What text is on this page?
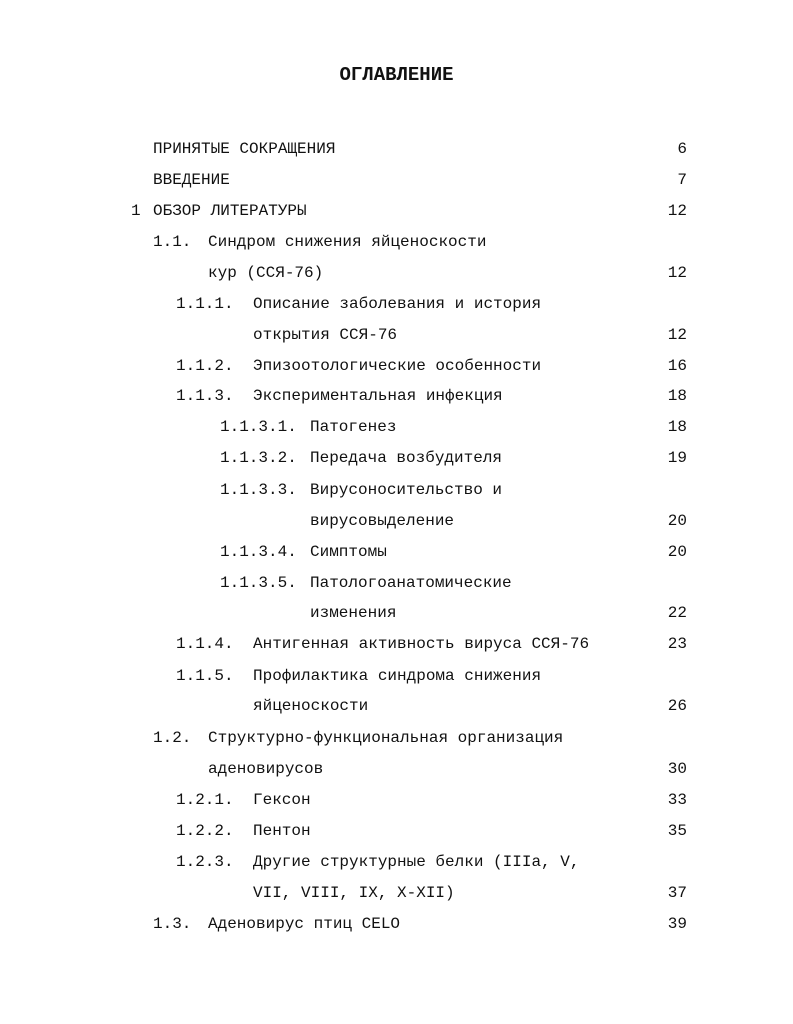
ОГЛАВЛЕНИЕ
ПРИНЯТЫЕ СОКРАЩЕНИЯ	6
ВВЕДЕНИЕ	7
1 ОБЗОР ЛИТЕРАТУРЫ	12
1.1. Синдром снижения яйценоскости
кур (ССЯ-76)	12
1.1.1. Описание заболевания и история
открытия ССЯ-76	12
1.1.2. Эпизоотологические особенности	16
1.1.3. Экспериментальная инфекция	18
1.1.3.1. Патогенез	18
1.1.3.2. Передача возбудителя	19
1.1.3.3. Вирусоносительство и
вирусовыделение	20
1.1.3.4. Симптомы	20
1.1.3.5. Патологоанатомические
изменения	22
1.1.4. Антигенная активность вируса ССЯ-76	23
1.1.5. Профилактика синдрома снижения
яйценоскости	26
1.2. Структурно-функциональная организация
аденовирусов	30
1.2.1. Гексон	33
1.2.2. Пентон	35
1.2.3. Другие структурные белки (IIIa, V,
VII, VIII, IX, X-XII)	37
1.3. Аденовирус птиц CELO	39
